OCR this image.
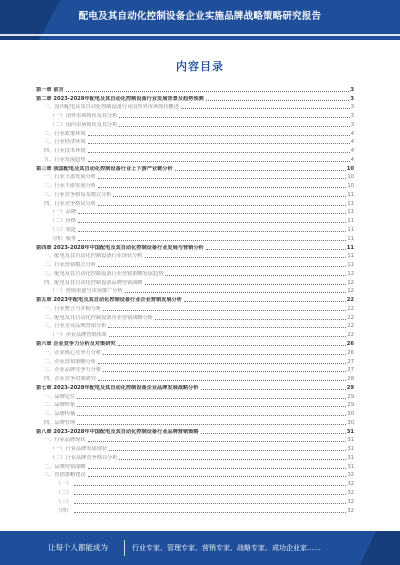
配电及其自动化控制设备企业实施品牌战略策略研究报告
内容目录
第一章 前言	3
第二章 2023-2028年配电及其自动化控制设备行业发展背景及趋势预测	3
一、国内配电及其自动化控制设备行业国内外市场现状概述	3
（一）国外市场现状及其分析	3
（二）国内市场现状及其分析	3
二、行业政策环境	4
三、行业经济环境	4
四、行业技术环境	4
五、行业发展趋势	4
第三章 我国配电及其自动化控制设备行业上下游产业链分析	10
一、行业上游发展分析	10
二、行业下游发展分析	10
三、行业竞争格局及模式分析	11
四、行业竞争格局分析	11
（一）品牌	11
（二）价格	11
（三）渠道	11
（四）服务	11
第四章 2023-2028年中国配电及其自动化控制设备行业发展与营销分析	11
一、配电及其自动化控制设备行业现状分析	11
二、行业营销模式分析	11
三、配电及其自动化控制设备行业营销策略发展趋势	12
四、配电及其自动化控制设备品牌营销战略	12
（一）营销渠道与市场推广分析	12
第五章 2023年配电及其自动化控制设备行业企业营销发展分析	22
一、行业整合与并购分析	22
二、配电及其自动化控制设备企业营销战略分析	22
三、行业企业品牌营销分析	22
（一）企业品牌营销体系	22
第六章 企业竞争力分析及对策研究	26
一、企业核心竞争力分析	26
二、企业营销策略分析	27
三、企业品牌竞争力分析	27
四、企业竞争对策研究	28
第七章 2023-2028年配电及其自动化控制设备企业品牌发展战略分析	29
一、品牌定位	29
二、品牌形象	29
三、品牌传播	30
四、品牌管理	30
第八章 2023-2028年中国配电及其自动化控制设备行业品牌营销策略	31
一、行业品牌现状	31
（一）行业品牌发展现状	31
（二）行业品牌竞争格局分析	31
二、品牌营销战略	31
三、营销策略建议	32
（一）	32
（二）	32
（三）	32
（四）	32
让每个人都能成为	行业专家、管理专家、营销专家、战略专家、成功企业家……
